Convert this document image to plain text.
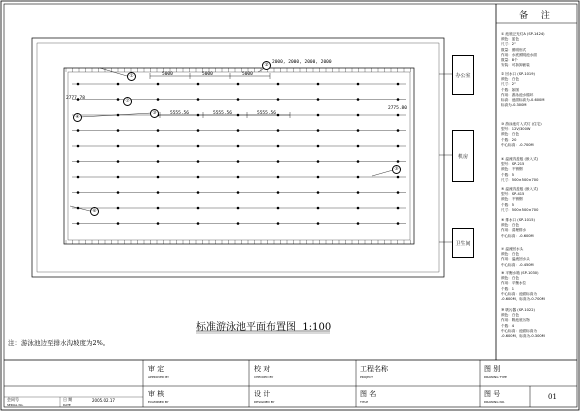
办公室
机房
卫生间
5000	5000	5000
2000, 2000, 2000, 2000
5555.56	5555.56	5555.56
2777.78
2775.80
①
②
③
④
⑤
⑥
⑦
标准游泳池平面布置图 1:100
注：游泳池边至排水沟坡度为2%。
备 注
① 池底泛光灯A (SP-1424)
颜色：蓝色
尺寸：2"
数量：照明形式
作用：水底照明池水面
数量：8个
安装：可拆卸嵌装
② 回水口 (SP-1019)
颜色：白色
尺寸：2"
个数：如图
作用：游泳池水循环
标高：池面标高为-0.600M
标高为-0.300M
③ 游泳池灯入式灯 (住宅)
型号：12V/300W
颜色：白色
个数：20
中心标高：-0.700M
④ 溢流沟盖板 (嵌入式)
型号：SP-215
颜色：不锈钢
个数：5
尺寸：500×500×700
⑤ 溢流沟盖板 (嵌入式)
型号：SP-415
颜色：不锈钢
个数：5
尺寸：500×500×700
⑥ 排水口 (SP-1015)
颜色：白色
作用：清理排水
中心标高：-0.600M
⑦ 溢流回水头
颜色：白色
作用：溢流回水头
中心标高：-0.450M
⑧ 平衡水箱 (SP-1030)
颜色：白色
作用：平衡水位
个数：1
中心标高：池面标高为
-0.600M，标高为-0.700M
⑨ 吸污器 (SP-1022)
颜色：白色
作用：吸池底污物
个数：4
中心标高：池面标高为
-0.600M，标高为-0.300M
审 定
APPROVED BY
审 核
EXAMINED BY
校 对
CHECKED BY
设 计
DESIGNED BY
工程名称
PROJECT
图 名
TITLE
图 别
DRAWING TYPE
图 号
DRAWING NO.
01
会同号
SERIAL No.
日 期
DATE
2005.02.17
